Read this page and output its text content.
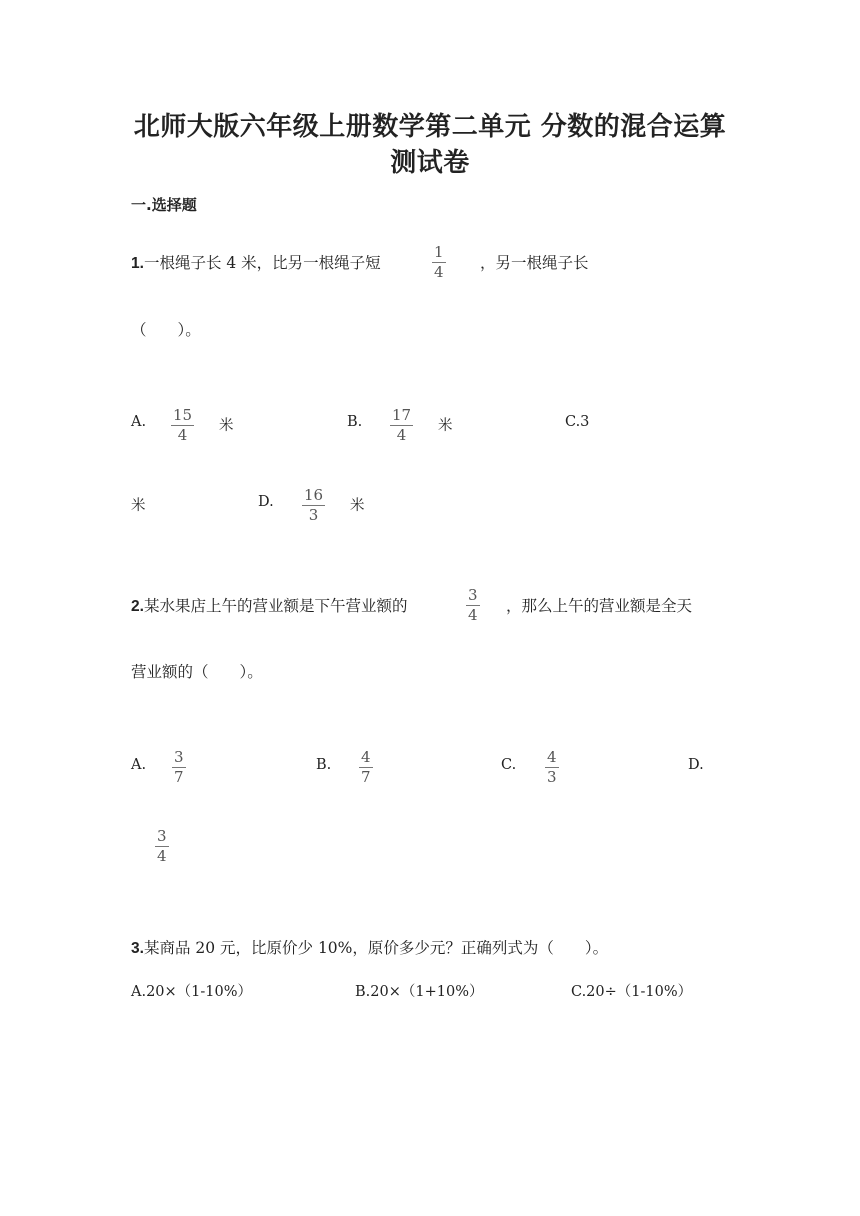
北师大版六年级上册数学第二单元 分数的混合运算
测试卷
一.选择题
1.一根绳子长 4 米，比另一根绳子短
1
4 ，另一根绳子长
（　　）。
A. 15
4 米	B. 17
4 米	C.3
米	D. 16
3 米
2.某水果店上午的营业额是下午营业额的
3
4 ，那么上午的营业额是全天
营业额的（　　）。
A. 3
7
B. 4
7
C. 4
3
D.
3
4
3.某商品 20 元，比原价少 10%，原价多少元？正确列式为（　　）。
A.20×（1-10%）	B.20×（1+10%）	C.20÷（1-10%）
